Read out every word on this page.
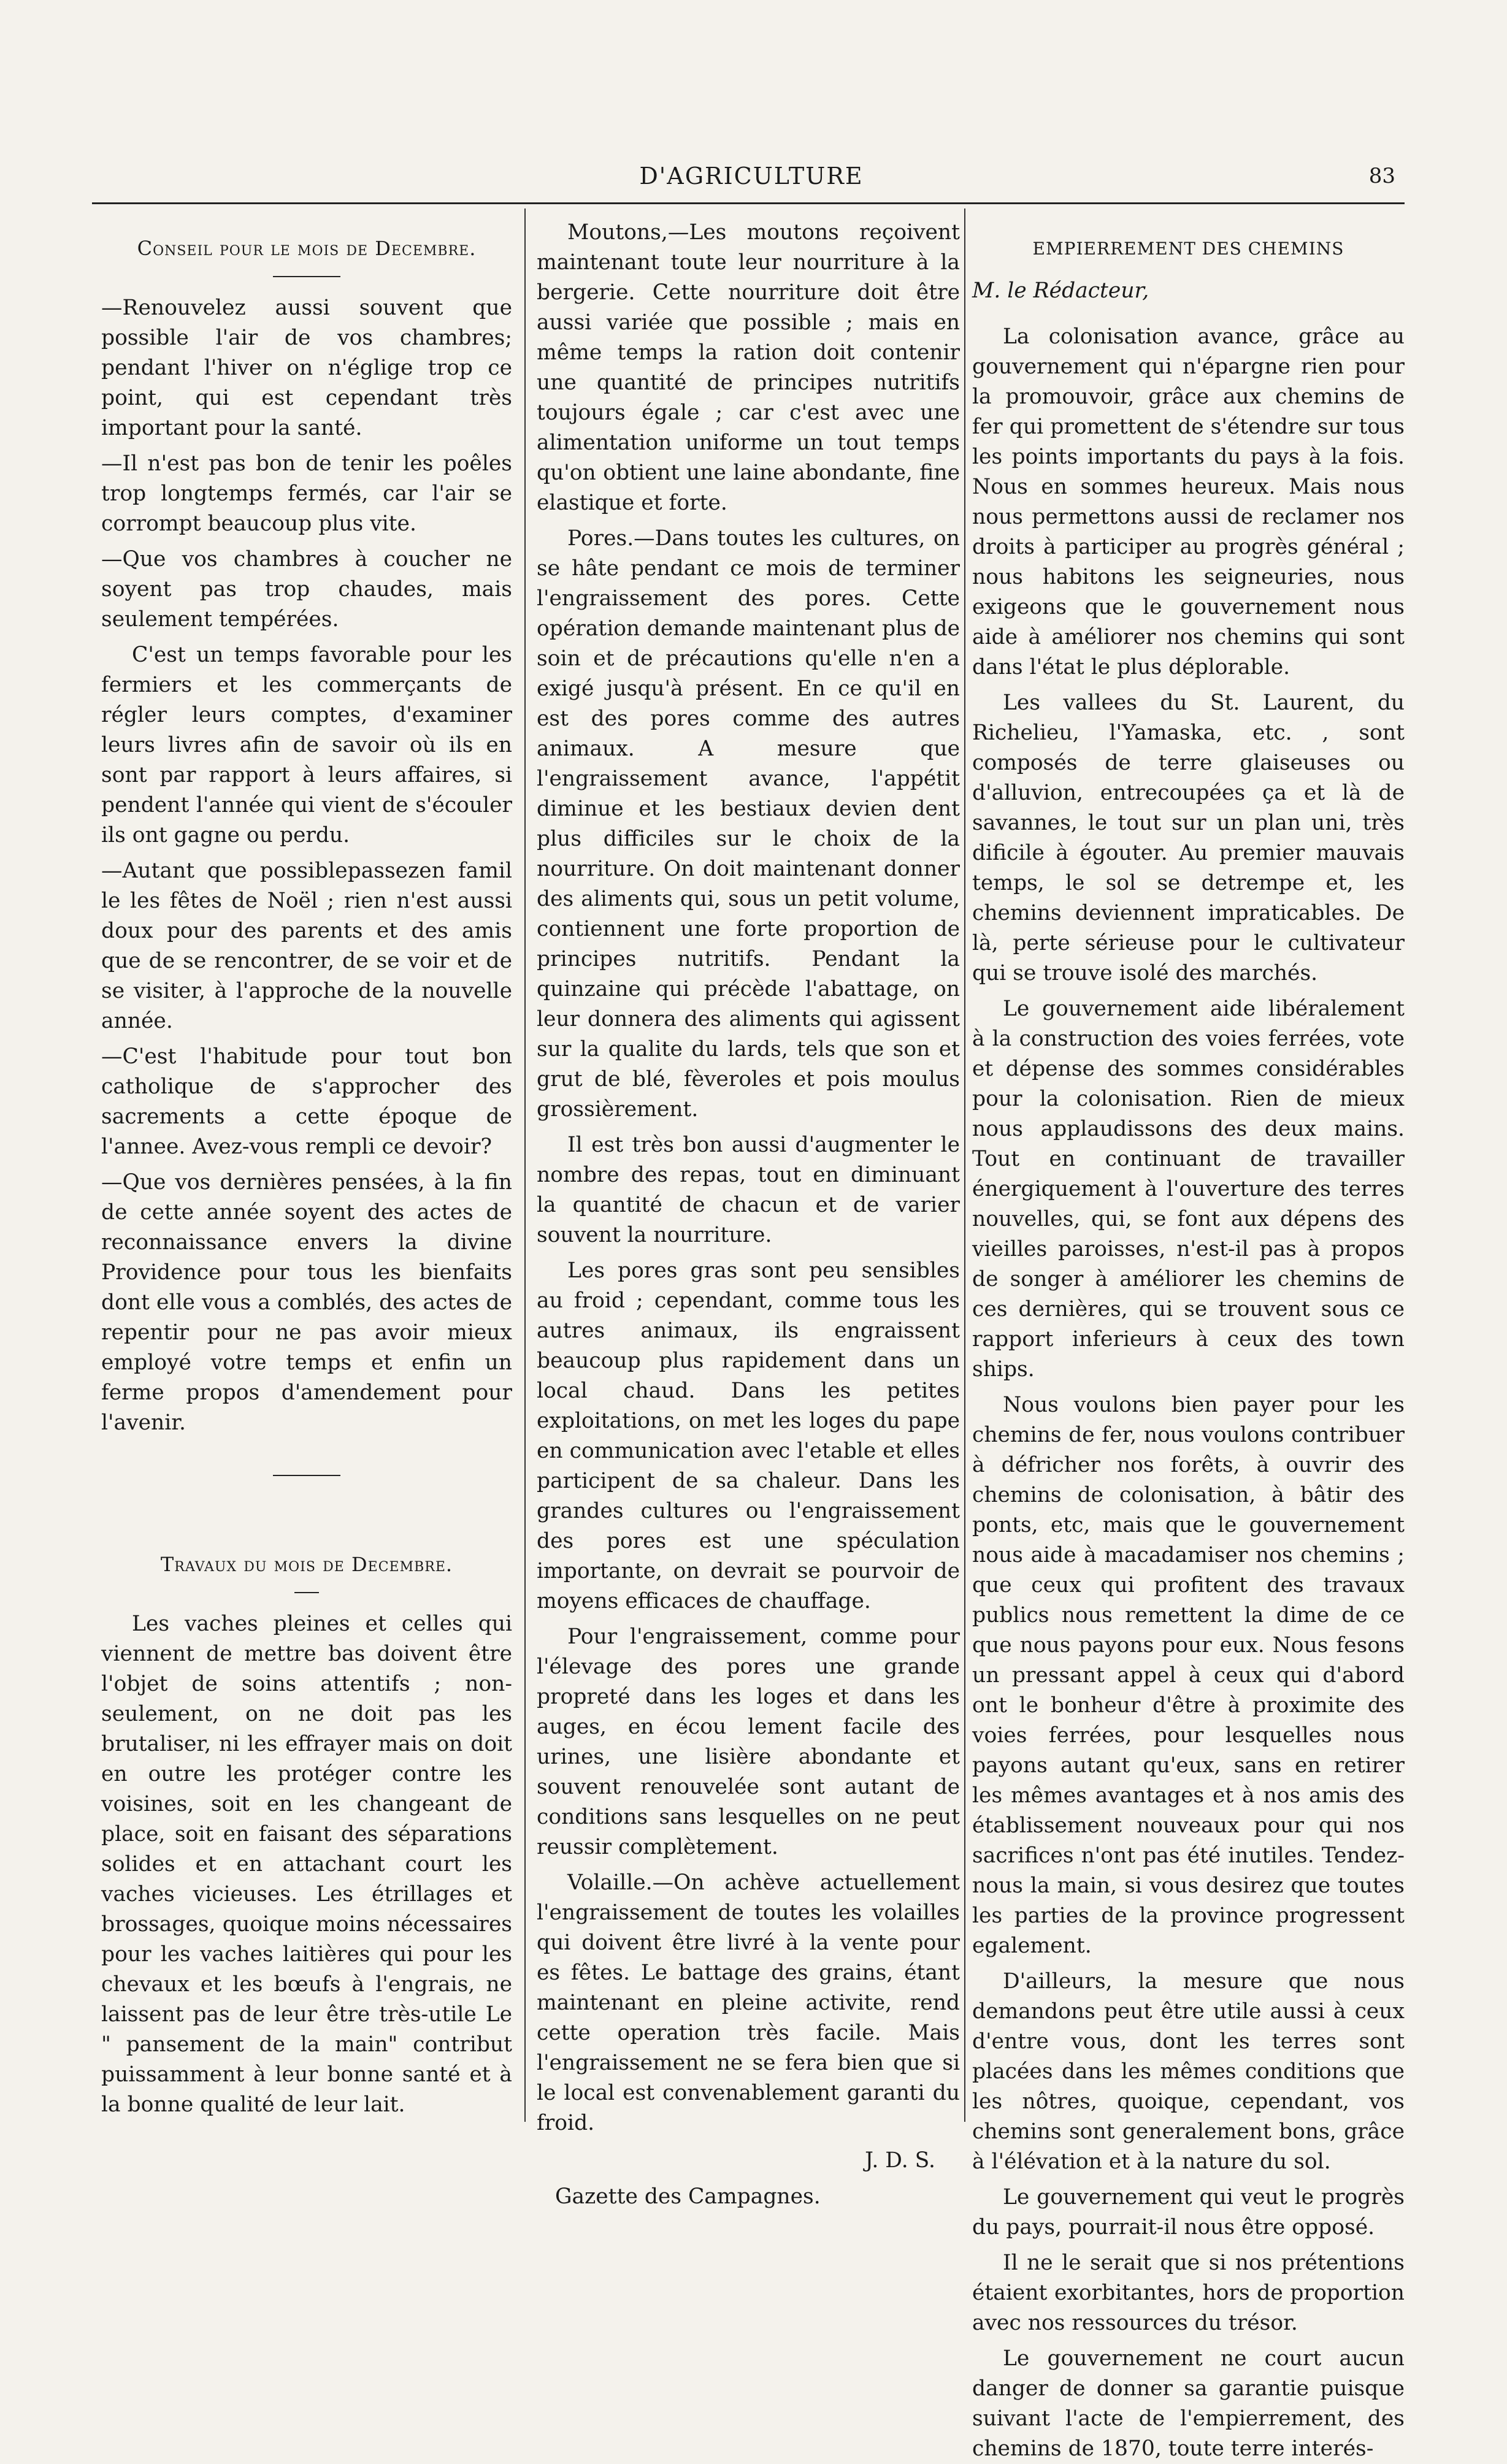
D'AGRICULTURE	83
Conseil pour le mois de Decembre.

—Renouvelez aussi souvent que possible l'air de vos chambres; pendant l'hiver on n'églige trop ce point, qui est cependant très important pour la santé.

—Il n'est pas bon de tenir les poêles trop longtemps fermés, car l'air se corrompt beaucoup plus vite.

—Que vos chambres à coucher ne soyent pas trop chaudes, mais seulement tempérées.

C'est un temps favorable pour les fermiers et les commerçants de régler leurs comptes, d'examiner leurs livres afin de savoir où ils en sont par rapport à leurs affaires, si pendent l'année qui vient de s'écouler ils ont gagne ou perdu.

—Autant que possiblepassezen famil le les fêtes de Noël ; rien n'est aussi doux pour des parents et des amis que de se rencontrer, de se voir et de se visiter, à l'approche de la nouvelle année.

—C'est l'habitude pour tout bon catholique de s'approcher des sacrements a cette époque de l'annee. Avez-vous rempli ce devoir?

—Que vos dernières pensées, à la fin de cette année soyent des actes de reconnaissance envers la divine Providence pour tous les bienfaits dont elle vous a comblés, des actes de repentir pour ne pas avoir mieux employé votre temps et enfin un ferme propos d'amendement pour l'avenir.

Travaux du mois de Decembre.

Les vaches pleines et celles qui viennent de mettre bas doivent être l'objet de soins attentifs ; non-seulement, on ne doit pas les brutaliser, ni les effrayer mais on doit en outre les protéger contre les voisines, soit en les changeant de place, soit en faisant des séparations solides et en attachant court les vaches vicieuses. Les étrillages et brossages, quoique moins nécessaires pour les vaches laitières qui pour les chevaux et les bœufs à l'engrais, ne laissent pas de leur être très-utile Le " pansement de la main" contribut puissamment à leur bonne santé et à la bonne qualité de leur lait.

Moutons,—Les moutons reçoivent maintenant toute leur nourriture à la bergerie. Cette nourriture doit être aussi variée que possible ; mais en même temps la ration doit contenir une quantité de principes nutritifs toujours égale ; car c'est avec une alimentation uniforme un tout temps qu'on obtient une laine abondante, fine elastique et forte.

Pores.—Dans toutes les cultures, on se hâte pendant ce mois de terminer l'engraissement des pores. Cette opération demande maintenant plus de soin et de précautions qu'elle n'en a exigé jusqu'à présent. En ce qu'il en est des pores comme des autres animaux. A mesure que l'engraissement avance, l'appétit diminue et les bestiaux devien dent plus difficiles sur le choix de la nourriture. On doit maintenant donner des aliments qui, sous un petit volume, contiennent une forte proportion de principes nutritifs. Pendant la quinzaine qui précède l'abattage, on leur donnera des aliments qui agissent sur la qualite du lards, tels que son et grut de blé, fèveroles et pois moulus grossièrement.

Il est très bon aussi d'augmenter le nombre des repas, tout en diminuant la quantité de chacun et de varier souvent la nourriture.

Les pores gras sont peu sensibles au froid ; cependant, comme tous les autres animaux, ils engraissent beaucoup plus rapidement dans un local chaud. Dans les petites exploitations, on met les loges du pape en communication avec l'etable et elles participent de sa chaleur. Dans les grandes cultures ou l'engraissement des pores est une spéculation importante, on devrait se pourvoir de moyens efficaces de chauffage.

Pour l'engraissement, comme pour l'élevage des pores une grande propreté dans les loges et dans les auges, en écou lement facile des urines, une lisière abondante et souvent renouvelée sont autant de conditions sans lesquelles on ne peut reussir complètement.

Volaille.—On achève actuellement l'engraissement de toutes les volailles qui doivent être livré à la vente pour es fêtes. Le battage des grains, étant maintenant en pleine activite, rend cette operation très facile. Mais l'engraissement ne se fera bien que si le local est convenablement garanti du froid.

J. D. S.
Gazette des Campagnes.
EMPIERREMENT DES CHEMINS
M. le Rédacteur,

La colonisation avance, grâce au gouvernement qui n'épargne rien pour la promouvoir, grâce aux chemins de fer qui promettent de s'étendre sur tous les points importants du pays à la fois. Nous en sommes heureux. Mais nous nous permettons aussi de reclamer nos droits à participer au progrès général ; nous habitons les seigneuries, nous exigeons que le gouvernement nous aide à améliorer nos chemins qui sont dans l'état le plus déplorable.

Les vallees du St. Laurent, du Richelieu, l'Yamaska, etc. , sont composés de terre glaiseuses ou d'alluvion, entrecoupées ça et là de savannes, le tout sur un plan uni, très dificile à égouter. Au premier mauvais temps, le sol se detrempe et, les chemins deviennent impraticables. De là, perte sérieuse pour le cultivateur qui se trouve isolé des marchés.

Le gouvernement aide libéralement à la construction des voies ferrées, vote et dépense des sommes considérables pour la colonisation. Rien de mieux nous applaudissons des deux mains. Tout en continuant de travailler énergiquement à l'ouverture des terres nouvelles, qui, se font aux dépens des vieilles paroisses, n'est-il pas à propos de songer à améliorer les chemins de ces dernières, qui se trouvent sous ce rapport inferieurs à ceux des town ships.

Nous voulons bien payer pour les chemins de fer, nous voulons contribuer à défricher nos forêts, à ouvrir des chemins de colonisation, à bâtir des ponts, etc, mais que le gouvernement nous aide à macadamiser nos chemins ; que ceux qui profitent des travaux publics nous remettent la dime de ce que nous payons pour eux. Nous fesons un pressant appel à ceux qui d'abord ont le bonheur d'être à proximite des voies ferrées, pour lesquelles nous payons autant qu'eux, sans en retirer les mêmes avantages et à nos amis des établissement nouveaux pour qui nos sacrifices n'ont pas été inutiles. Tendez-nous la main, si vous desirez que toutes les parties de la province progressent egalement.

D'ailleurs, la mesure que nous demandons peut être utile aussi à ceux d'entre vous, dont les terres sont placées dans les mêmes conditions que les nôtres, quoique, cependant, vos chemins sont generalement bons, grâce à l'élévation et à la nature du sol.

Le gouvernement qui veut le progrès du pays, pourrait-il nous être opposé.

Il ne le serait que si nos prétentions étaient exorbitantes, hors de proportion avec nos ressources du trésor.

Le gouvernement ne court aucun danger de donner sa garantie puisque suivant l'acte de l'empierrement, des chemins de 1870, toute terre interés-
